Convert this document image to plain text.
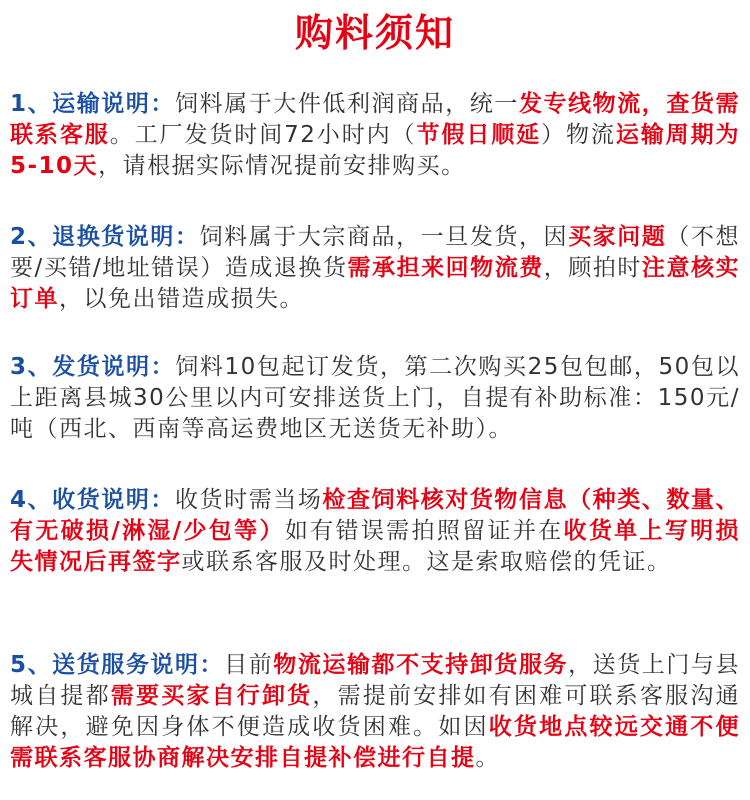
购料须知
1、运输说明：饲料属于大件低利润商品，统一发专线物流，查货需联系客服。工厂发货时间72小时内（节假日顺延）物流运输周期为5-10天，请根据实际情况提前安排购买。
2、退换货说明：饲料属于大宗商品，一旦发货，因买家问题（不想要/买错/地址错误）造成退换货需承担来回物流费，顾拍时注意核实订单，以免出错造成损失。
3、发货说明：饲料10包起订发货，第二次购买25包包邮，50包以上距离县城30公里以内可安排送货上门，自提有补助标准：150元/吨（西北、西南等高运费地区无送货无补助）。
4、收货说明：收货时需当场检查饲料核对货物信息（种类、数量、有无破损/淋湿/少包等）如有错误需拍照留证并在收货单上写明损失情况后再签字或联系客服及时处理。这是索取赔偿的凭证。
5、送货服务说明：目前物流运输都不支持卸货服务，送货上门与县城自提都需要买家自行卸货，需提前安排如有困难可联系客服沟通解决，避免因身体不便造成收货困难。如因收货地点较远交通不便需联系客服协商解决安排自提补偿进行自提。
